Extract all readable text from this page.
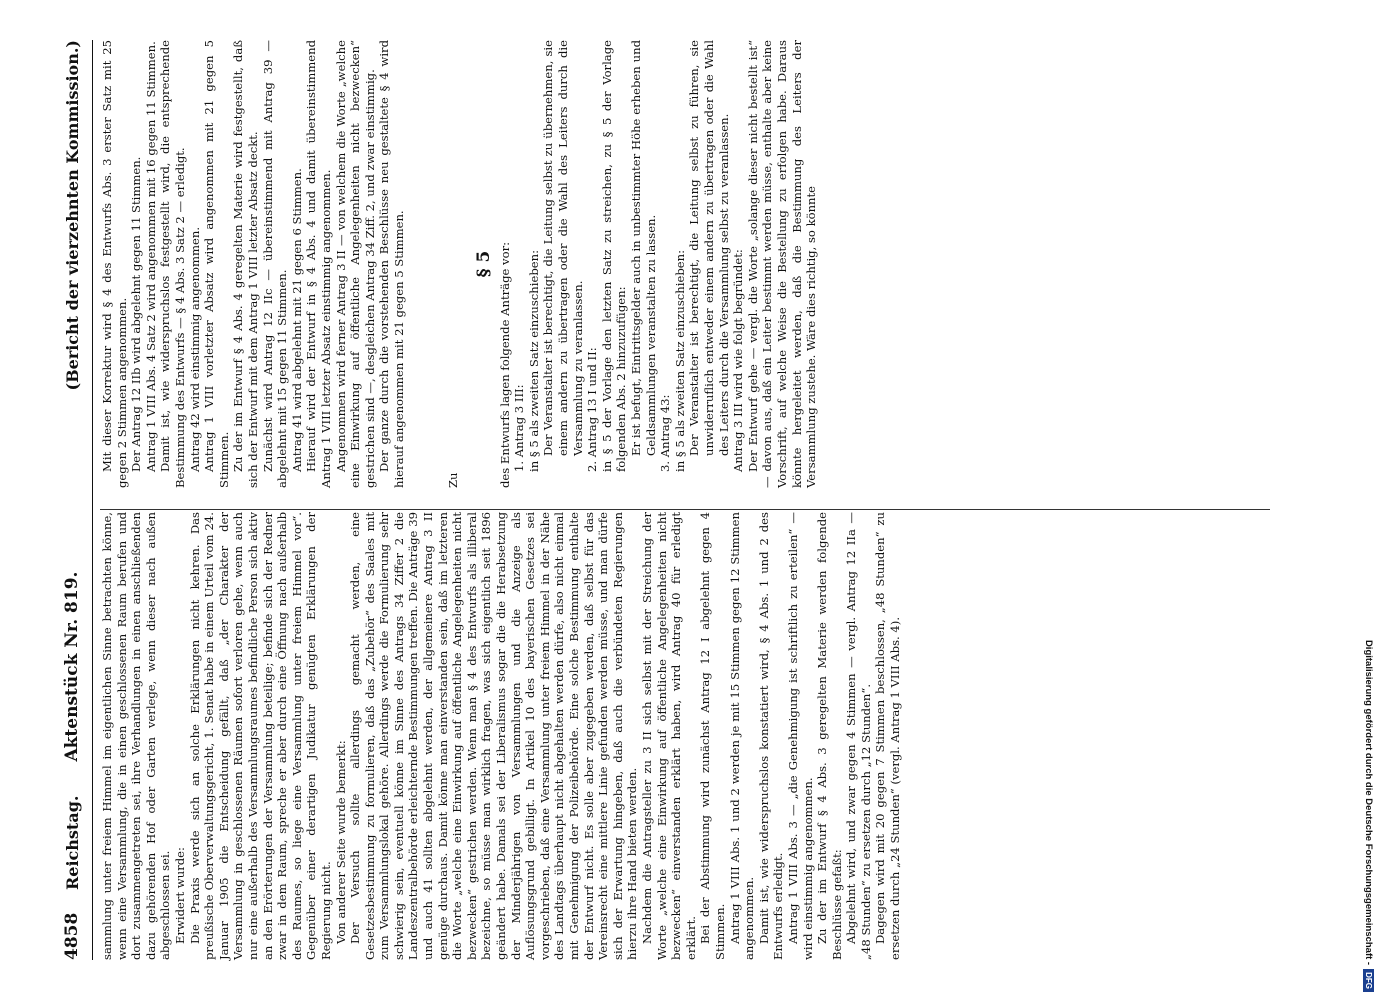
Digitalisierung gefördert durch die Deutsche Forschungsgemeinschaft -
DFG
4858
Reichstag.
Aktenstück Nr. 819.
(Bericht der vierzehnten Kommission.)

sammlung unter freiem Himmel im eigentlichen Sinne betrachten könne, wenn eine Versammlung, die in einen geschlossenen Raum berufen und dort zusammengetreten sei, ihre Verhandlungen in einen anschließenden dazu gehörenden Hof oder Garten verlege, wenn dieser nach außen abgeschlossen sei. Erwidert wurde: Die Praxis werde sich an solche Erklärungen nicht kehren. Das preußische Oberverwaltungsgericht, 1. Senat habe in einem Urteil vom 24. Januar 1905 die Entscheidung gefällt, daß „der Charakter der Versammlung in geschlossenen Räumen sofort verloren gehe, wenn auch nur eine außerhalb des Versammlungsraumes befindliche Person sich aktiv an den Erörterungen der Versammlung beteilige; befinde sich der Redner zwar in dem Raum, spreche er aber durch eine Öffnung nach außerhalb des Raumes, so liege eine Versammlung unter freiem Himmel vor“. Gegenüber einer derartigen Judikatur genügten Erklärungen der Regierung nicht. Von anderer Seite wurde bemerkt: Der Versuch sollte allerdings gemacht werden, eine Gesetzesbestimmung zu formulieren, daß das „Zubehör“ des Saales mit zum Versammlungslokal gehöre. Allerdings werde die Formulierung sehr schwierig sein, eventuell könne im Sinne des Antrags 34 Ziffer 2 die Landeszentralbehörde erleichternde Bestimmungen treffen. Die Anträge 39 und auch 41 sollten abgelehnt werden, der allgemeinere Antrag 3 II genüge durchaus. Damit könne man einverstanden sein, daß im letzteren die Worte „welche eine Einwirkung auf öffentliche Angelegenheiten nicht bezwecken“ gestrichen werden. Wenn man § 4 des Entwurfs als illiberal bezeichne, so müsse man wirklich fragen, was sich eigentlich seit 1896 geändert habe. Damals sei der Liberalismus sogar die die Herabsetzung der Minderjährigen von Versammlungen und die Anzeige als Auflösungsgrund gebilligt. In Artikel 10 des bayerischen Gesetzes sei vorgeschrieben, daß eine Versammlung unter freiem Himmel in der Nähe des Landtags überhaupt nicht abgehalten werden dürfe, also nicht einmal mit Genehmigung der Polizeibehörde. Eine solche Bestimmung enthalte der Entwurf nicht. Es solle aber zugegeben werden, daß selbst für das Vereinsrecht eine mittlere Linie gefunden werden müsse, und man dürfe sich der Erwartung hingeben, daß auch die verbündeten Regierungen hierzu ihre Hand bieten werden. Nachdem die Antragsteller zu 3 II sich selbst mit der Streichung der Worte „welche eine Einwirkung auf öffentliche Angelegenheiten nicht bezwecken“ einverstanden erklärt haben, wird Antrag 40 für erledigt erklärt. Bei der Abstimmung wird zunächst Antrag 12 I abgelehnt gegen 4 Stimmen. Antrag 1 VIII Abs. 1 und 2 werden je mit 15 Stimmen gegen 12 Stimmen angenommen. Damit ist, wie widerspruchslos konstatiert wird, § 4 Abs. 1 und 2 des Entwurfs erledigt. Antrag 1 VIII Abs. 3 — „die Genehmigung ist schriftlich zu erteilen“ — wird einstimmig angenommen. Zu der im Entwurf § 4 Abs. 3 geregelten Materie werden folgende Beschlüsse gefaßt: Abgelehnt wird, und zwar gegen 4 Stimmen — vergl. Antrag 12 IIa — „48 Stunden“ zu ersetzen durch „12 Stunden“. Dagegen wird mit 20 gegen 7 Stimmen beschlossen, „48 Stunden“ zu ersetzen durch „24 Stunden“ (vergl. Antrag 1 VIII Abs. 4).

Mit dieser Korrektur wird § 4 des Entwurfs Abs. 3 erster Satz mit 25 gegen 2 Stimmen angenommen. Der Antrag 12 IIb wird abgelehnt gegen 11 Stimmen. Antrag 1 VIII Abs. 4 Satz 2 wird angenommen mit 16 gegen 11 Stimmen. Damit ist, wie widerspruchslos festgestellt wird, die entsprechende Bestimmung des Entwurfs — § 4 Abs. 3 Satz 2 — erledigt. Antrag 42 wird einstimmig angenommen. Antrag 1 VIII vorletzter Absatz wird angenommen mit 21 gegen 5 Stimmen. Zu der im Entwurf § 4 Abs. 4 geregelten Materie wird festgestellt, daß sich der Entwurf mit dem Antrag 1 VIII letzter Absatz deckt. Zunächst wird Antrag 12 IIc — übereinstimmend mit Antrag 39 — abgelehnt mit 15 gegen 11 Stimmen. Antrag 41 wird abgelehnt mit 21 gegen 6 Stimmen. Hierauf wird der Entwurf in § 4 Abs. 4 und damit übereinstimmend Antrag 1 VIII letzter Absatz einstimmig angenommen. Angenommen wird ferner Antrag 3 II — von welchem die Worte „welche eine Einwirkung auf öffentliche Angelegenheiten nicht bezwecken“ gestrichen sind —, desgleichen Antrag 34 Ziff. 2, und zwar einstimmig. Der ganze durch die vorstehenden Beschlüsse neu gestaltete § 4 wird hierauf angenommen mit 21 gegen 5 Stimmen.	Zu

§ 5 des Entwurfs lagen folgende Anträge vor: 1. Antrag 3 III: in § 5 als zweiten Satz einzuschieben: Der Veranstalter ist berechtigt, die Leitung selbst zu übernehmen, sie einem andern zu übertragen oder die Wahl des Leiters durch die Versammlung zu veranlassen. 2. Antrag 13 I und II: in § 5 der Vorlage den letzten Satz zu streichen, zu § 5 der Vorlage folgenden Abs. 2 hinzuzufügen: Er ist befugt, Eintrittsgelder auch in unbestimmter Höhe erheben und Geldsammlungen veranstalten zu lassen. 3. Antrag 43: in § 5 als zweiten Satz einzuschieben: Der Veranstalter ist berechtigt, die Leitung selbst zu führen, sie unwiderruflich entweder einem andern zu übertragen oder die Wahl des Leiters durch die Versammlung selbst zu veranlassen. Antrag 3 III wird wie folgt begründet: Der Entwurf gehe — vergl. die Worte „solange dieser nicht bestellt ist“ — davon aus, daß ein Leiter bestimmt werden müsse, enthalte aber keine Vorschrift, auf welche Weise die Bestellung zu erfolgen habe. Daraus könnte hergeleitet werden, daß die Bestimmung des Leiters der Versammlung zustehe. Wäre dies richtig, so könnte
